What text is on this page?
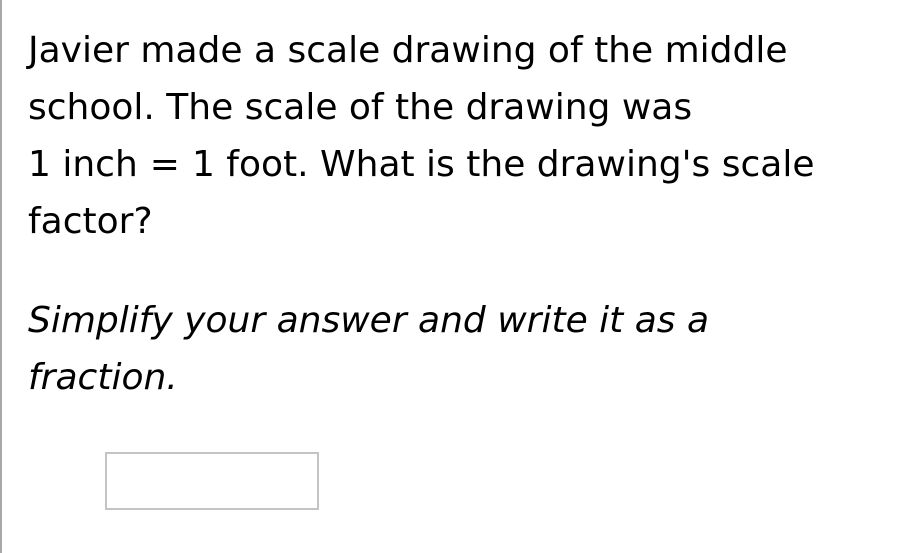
Javier made a scale drawing of the middle
school. The scale of the drawing was
1 inch = 1 foot. What is the drawing's scale
factor?
Simplify your answer and write it as a
fraction.
